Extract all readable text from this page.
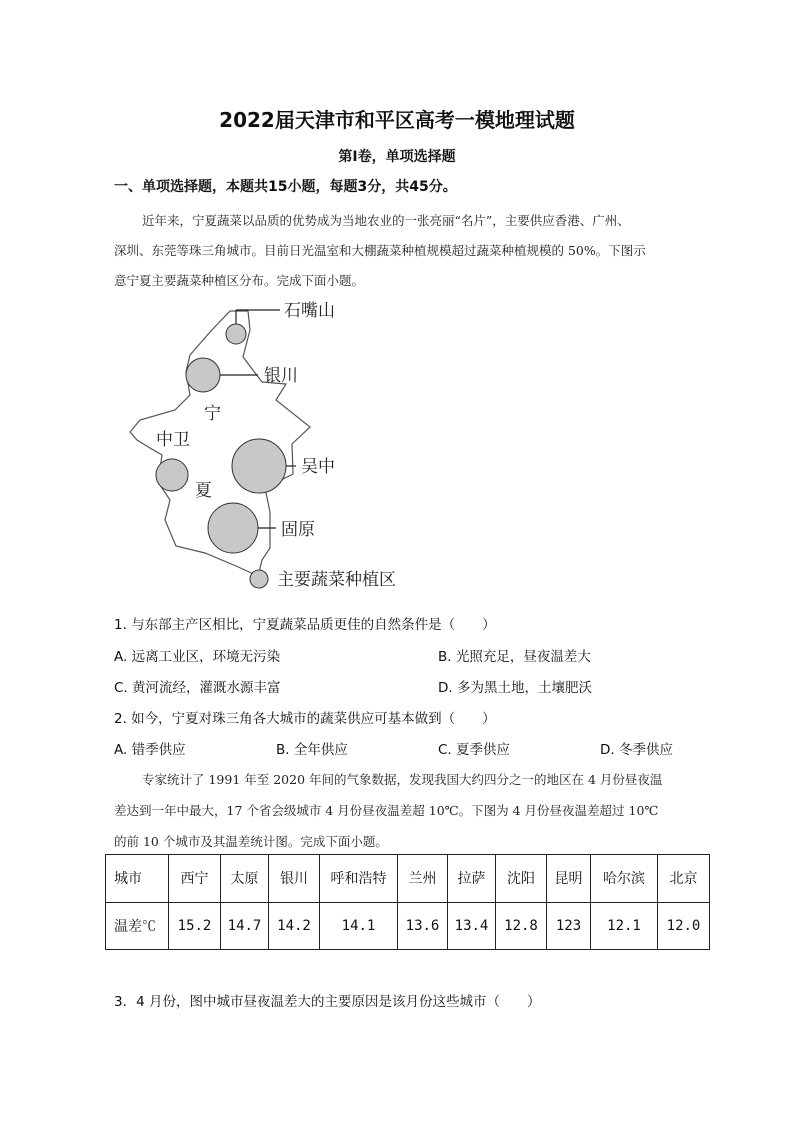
2022届天津市和平区高考一模地理试题
第I卷，单项选择题
一、单项选择题，本题共15小题，每题3分，共45分。
近年来，宁夏蔬菜以品质的优势成为当地农业的一张亮丽“名片”，主要供应香港、广州、
深圳、东莞等珠三角城市。目前日光温室和大棚蔬菜种植规模超过蔬菜种植规模的 50%。下图示
意宁夏主要蔬菜种植区分布。完成下面小题。
石嘴山
银川
中卫
吴中
固原
宁
夏
主要蔬菜种植区
1. 与东部主产区相比，宁夏蔬菜品质更佳的自然条件是（　　）
A. 远离工业区，环境无污染	B. 光照充足，昼夜温差大
C. 黄河流经，灌溉水源丰富	D. 多为黑土地，土壤肥沃
2. 如今，宁夏对珠三角各大城市的蔬菜供应可基本做到（　　）
A. 错季供应	B. 全年供应	C. 夏季供应	D. 冬季供应
专家统计了 1991 年至 2020 年间的气象数据，发现我国大约四分之一的地区在 4 月份昼夜温
差达到一年中最大，17 个省会级城市 4 月份昼夜温差超 10℃。下图为 4 月份昼夜温差超过 10℃
的前 10 个城市及其温差统计图。完成下面小题。
城市	西宁	太原	银川	呼和浩特	兰州	拉萨	沈阳	昆明	哈尔滨	北京
温差℃	15.2	14.7	14.2	14.1	13.6	13.4	12.8	123	12.1	12.0
3．4 月份，图中城市昼夜温差大的主要原因是该月份这些城市（　　）
